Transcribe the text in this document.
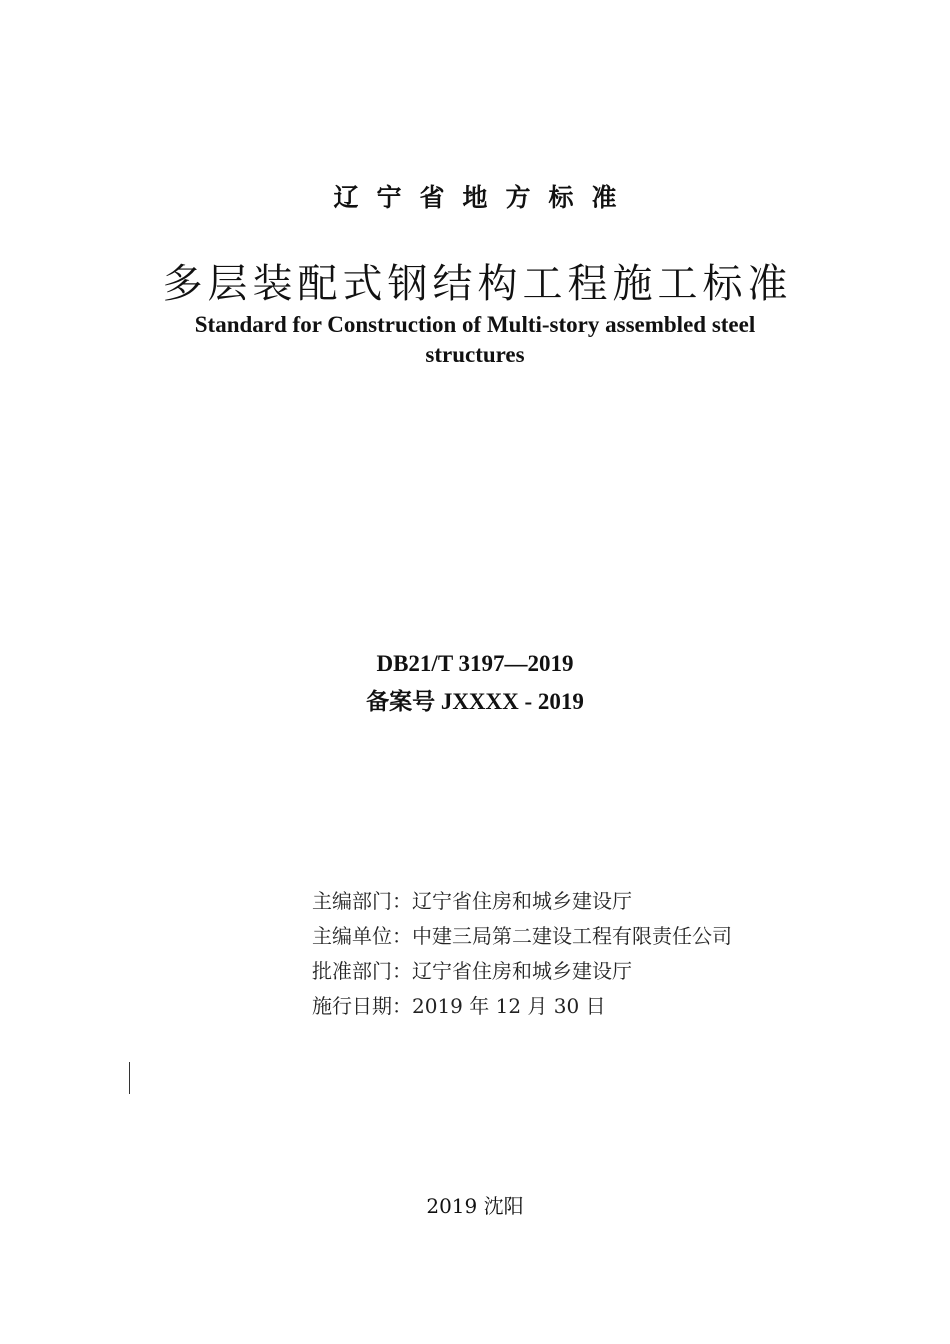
辽宁省地方标准
多层装配式钢结构工程施工标准
Standard for Construction of Multi-story assembled steel
structures
DB21/T 3197—2019
备案号 JXXXX - 2019
主编部门：辽宁省住房和城乡建设厅
主编单位：中建三局第二建设工程有限责任公司
批准部门：辽宁省住房和城乡建设厅
施行日期：2019 年 12 月 30 日
2019 沈阳
